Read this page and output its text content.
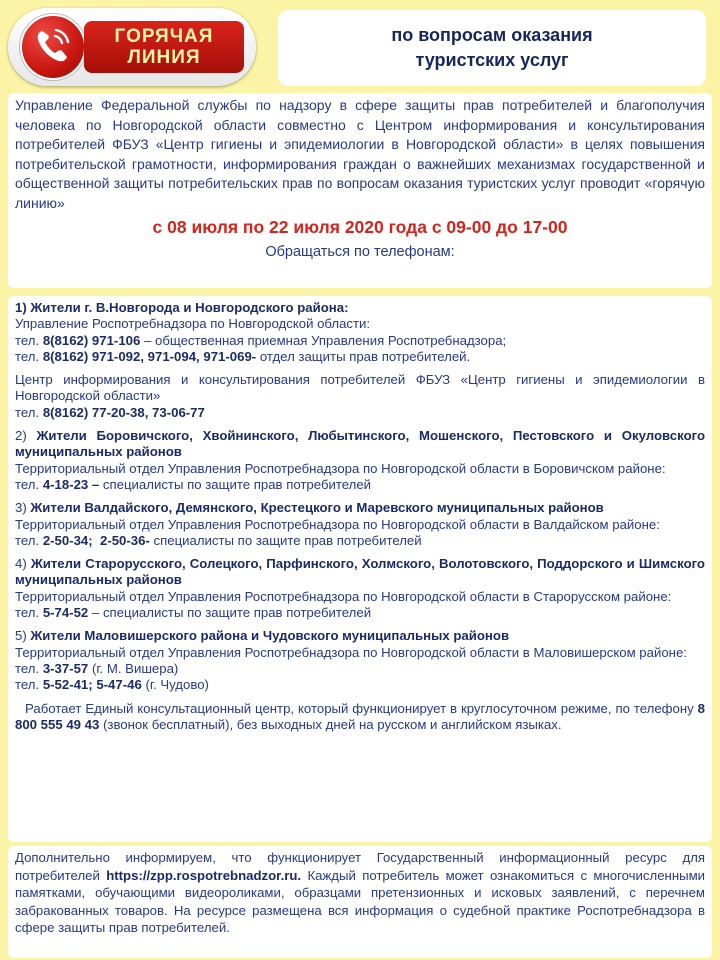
ГОРЯЧАЯ
ЛИНИЯ
по вопросам оказания
туристских услуг

Управление Федеральной службы по надзору в сфере защиты прав потребителей и благополучия человека по Новгородской области совместно с Центром информирования и консультирования потребителей ФБУЗ «Центр гигиены и эпидемиологии в Новгородской области» в целях повышения потребительской грамотности, информирования граждан о важнейших механизмах государственной и общественной защиты потребительских прав по вопросам оказания туристских услуг проводит «горячую линию»

с 08 июля по 22 июля 2020 года с 09-00 до 17-00

Обращаться по телефонам:

1) Жители г. В.Новгорода и Новгородского района:
Управление Роспотребнадзора по Новгородской области:
тел. 8(8162) 971-106 – общественная приемная Управления Роспотребнадзора;
тел. 8(8162) 971-092, 971-094, 971-069- отдел защиты прав потребителей.

Центр информирования и консультирования потребителей ФБУЗ «Центр гигиены и эпидемиологии в Новгородской области»
тел. 8(8162) 77-20-38, 73-06-77

2) Жители Боровичского, Хвойнинского, Любытинского, Мошенского, Пестовского и Окуловского муниципальных районов
Территориальный отдел Управления Роспотребнадзора по Новгородской области в Боровичском районе:
тел. 4-18-23 – специалисты по защите прав потребителей

3) Жители Валдайского, Демянского, Крестецкого и Маревского муниципальных районов
Территориальный отдел Управления Роспотребнадзора по Новгородской области в Валдайском районе:
тел. 2-50-34; 2-50-36- специалисты по защите прав потребителей

4) Жители Старорусского, Солецкого, Парфинского, Холмского, Волотовского, Поддорского и Шимского муниципальных районов
Территориальный отдел Управления Роспотребнадзора по Новгородской области в Старорусском районе:
тел. 5-74-52 – специалисты по защите прав потребителей

5) Жители Маловишерского района и Чудовского муниципальных районов
Территориальный отдел Управления Роспотребнадзора по Новгородской области в Маловишерском районе:
тел. 3-37-57 (г. М. Вишера)
тел. 5-52-41; 5-47-46 (г. Чудово)

Работает Единый консультационный центр, который функционирует в круглосуточном режиме, по телефону 8 800 555 49 43 (звонок бесплатный), без выходных дней на русском и английском языках.

Дополнительно информируем, что функционирует Государственный информационный ресурс для потребителей https://zpp.rospotrebnadzor.ru. Каждый потребитель может ознакомиться с многочисленными памятками, обучающими видеороликами, образцами претензионных и исковых заявлений, с перечнем забракованных товаров. На ресурсе размещена вся информация о судебной практике Роспотребнадзора в сфере защиты прав потребителей.
